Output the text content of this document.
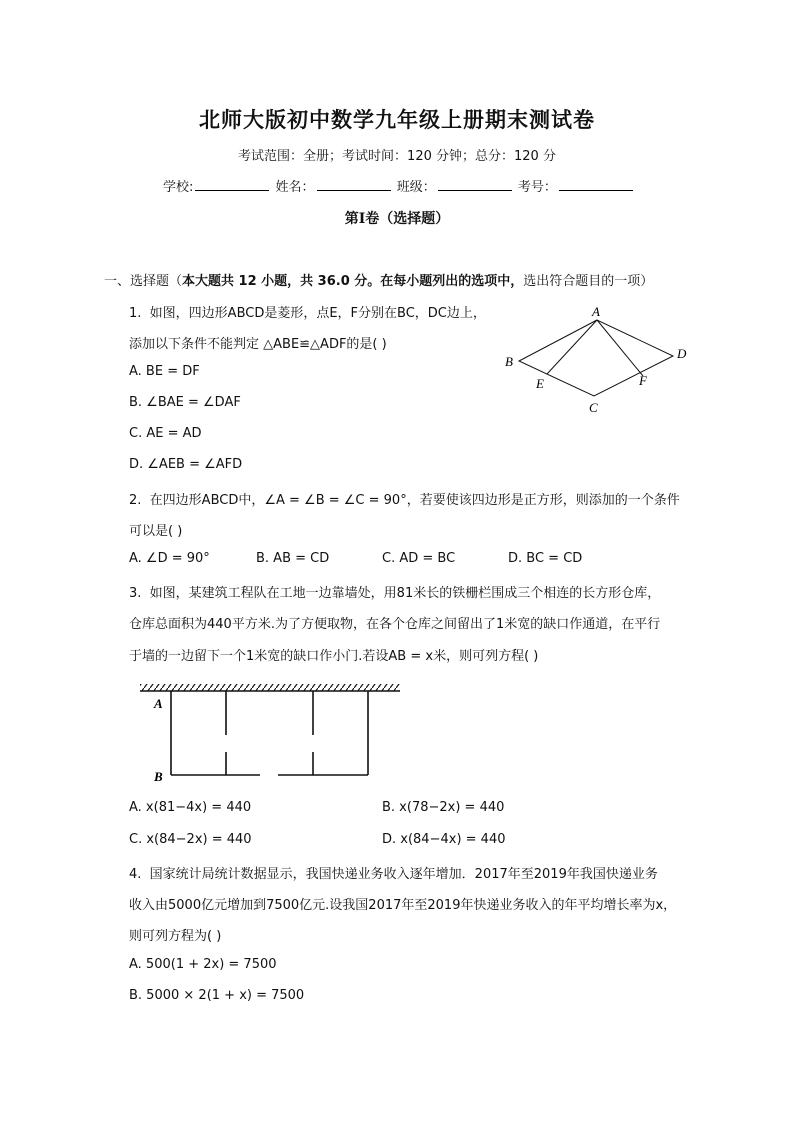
北师大版初中数学九年级上册期末测试卷
考试范围：全册；考试时间：120 分钟；总分：120 分
学校:	姓名：	班级：	考号：
第Ⅰ卷（选择题）
一、选择题（本大题共 12 小题，共 36.0 分。在每小题列出的选项中，选出符合题目的一项）
1. 如图，四边形ABCD是菱形，点E，F分别在BC，DC边上，
添加以下条件不能判定 △ABE≌△ADF的是( )
A. BE = DF
B. ∠BAE = ∠DAF
C. AE = AD
D. ∠AEB = ∠AFD
A
B
C
D
E	F
2. 在四边形ABCD中，∠A = ∠B = ∠C = 90°，若要使该四边形是正方形，则添加的一个条件
可以是( )
A. ∠D = 90°	B. AB = CD	C. AD = BC	D. BC = CD
3. 如图，某建筑工程队在工地一边靠墙处，用81米长的铁栅栏围成三个相连的长方形仓库，
仓库总面积为440平方米.为了方便取物，在各个仓库之间留出了1米宽的缺口作通道，在平行
于墙的一边留下一个1米宽的缺口作小门.若设AB = x米，则可列方程( )
A
B
A. x(81−4x) = 440	B. x(78−2x) = 440
C. x(84−2x) = 440	D. x(84−4x) = 440
4. 国家统计局统计数据显示，我国快递业务收入逐年增加．2017年至2019年我国快递业务
收入由5000亿元增加到7500亿元.设我国2017年至2019年快递业务收入的年平均增长率为x，
则可列方程为( )
A. 500(1 + 2x) = 7500
B. 5000 × 2(1 + x) = 7500
